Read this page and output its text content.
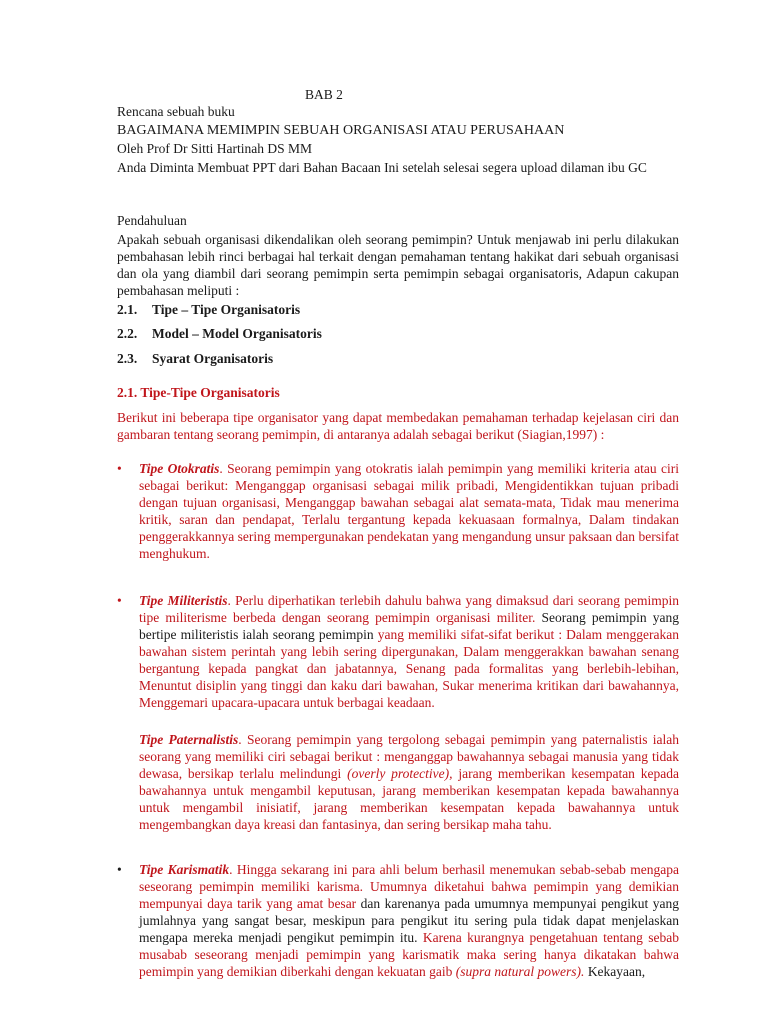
BAB 2

Rencana sebuah buku

BAGAIMANA MEMIMPIN SEBUAH ORGANISASI ATAU PERUSAHAAN

Oleh Prof Dr Sitti Hartinah DS MM

Anda Diminta Membuat PPT dari Bahan Bacaan Ini setelah selesai segera upload dilaman ibu GC

Pendahuluan

Apakah sebuah organisasi dikendalikan oleh seorang pemimpin? Untuk menjawab ini perlu dilakukan pembahasan lebih rinci berbagai hal terkait dengan pemahaman tentang hakikat dari sebuah organisasi dan ola yang diambil dari seorang pemimpin serta pemimpin sebagai organisatoris, Adapun cakupan pembahasan meliputi :

2.1. Tipe – Tipe Organisatoris

2.2. Model – Model Organisatoris

2.3. Syarat Organisatoris

2.1. Tipe-Tipe Organisatoris

Berikut ini beberapa tipe organisator yang dapat membedakan pemahaman terhadap kejelasan ciri dan gambaran tentang seorang pemimpin, di antaranya adalah sebagai berikut (Siagian,1997) :

• Tipe Otokratis. Seorang pemimpin yang otokratis ialah pemimpin yang memiliki kriteria atau ciri sebagai berikut: Menganggap organisasi sebagai milik pribadi, Mengidentikkan tujuan pribadi dengan tujuan organisasi, Menganggap bawahan sebagai alat semata-mata, Tidak mau menerima kritik, saran dan pendapat, Terlalu tergantung kepada kekuasaan formalnya, Dalam tindakan penggerakkannya sering mempergunakan pendekatan yang mengandung unsur paksaan dan bersifat menghukum.

• Tipe Militeristis. Perlu diperhatikan terlebih dahulu bahwa yang dimaksud dari seorang pemimpin tipe militerisme berbeda dengan seorang pemimpin organisasi militer. Seorang pemimpin yang bertipe militeristis ialah seorang pemimpin yang memiliki sifat-sifat berikut : Dalam menggerakan bawahan sistem perintah yang lebih sering dipergunakan, Dalam menggerakkan bawahan senang bergantung kepada pangkat dan jabatannya, Senang pada formalitas yang berlebih-lebihan, Menuntut disiplin yang tinggi dan kaku dari bawahan, Sukar menerima kritikan dari bawahannya, Menggemari upacara-upacara untuk berbagai keadaan.

Tipe Paternalistis. Seorang pemimpin yang tergolong sebagai pemimpin yang paternalistis ialah seorang yang memiliki ciri sebagai berikut : menganggap bawahannya sebagai manusia yang tidak dewasa, bersikap terlalu melindungi (overly protective), jarang memberikan kesempatan kepada bawahannya untuk mengambil keputusan, jarang memberikan kesempatan kepada bawahannya untuk mengambil inisiatif, jarang memberikan kesempatan kepada bawahannya untuk mengembangkan daya kreasi dan fantasinya, dan sering bersikap maha tahu.

• Tipe Karismatik. Hingga sekarang ini para ahli belum berhasil menemukan sebab-sebab mengapa seseorang pemimpin memiliki karisma. Umumnya diketahui bahwa pemimpin yang demikian mempunyai daya tarik yang amat besar dan karenanya pada umumnya mempunyai pengikut yang jumlahnya yang sangat besar, meskipun para pengikut itu sering pula tidak dapat menjelaskan mengapa mereka menjadi pengikut pemimpin itu. Karena kurangnya pengetahuan tentang sebab musabab seseorang menjadi pemimpin yang karismatik maka sering hanya dikatakan bahwa pemimpin yang demikian diberkahi dengan kekuatan gaib (supra natural powers). Kekayaan,
